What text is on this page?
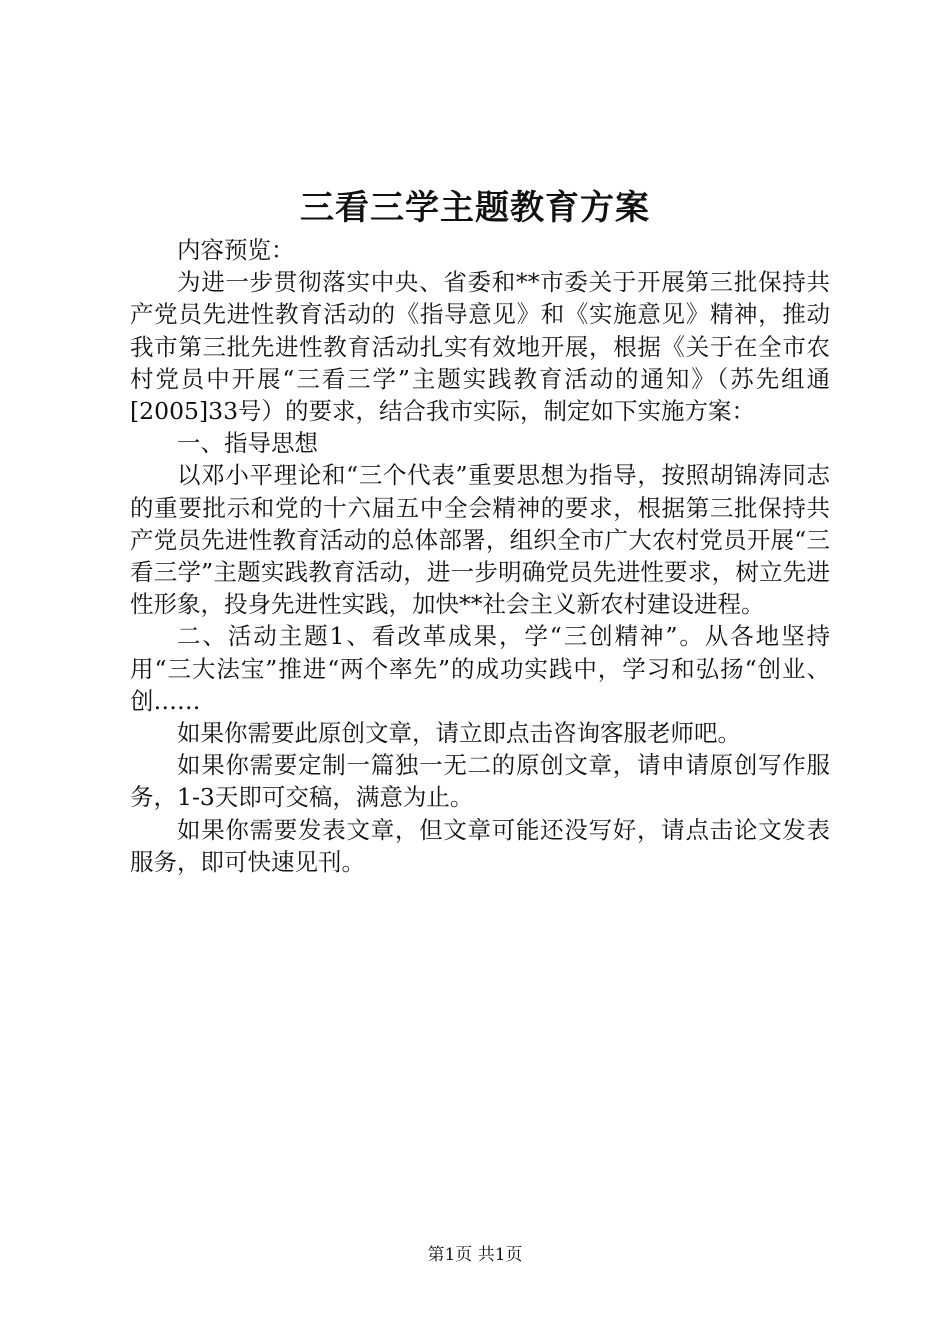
三看三学主题教育方案

内容预览：

为进一步贯彻落实中央、省委和**市委关于开展第三批保持共产党员先进性教育活动的《指导意见》和《实施意见》精神，推动我市第三批先进性教育活动扎实有效地开展，根据《关于在全市农村党员中开展“三看三学”主题实践教育活动的通知》（苏先组通[2005]33号）的要求，结合我市实际，制定如下实施方案：

一、指导思想

以邓小平理论和“三个代表”重要思想为指导，按照胡锦涛同志的重要批示和党的十六届五中全会精神的要求，根据第三批保持共产党员先进性教育活动的总体部署，组织全市广大农村党员开展“三看三学”主题实践教育活动，进一步明确党员先进性要求，树立先进性形象，投身先进性实践，加快**社会主义新农村建设进程。

二、活动主题1、看改革成果，学“三创精神”。从各地坚持用“三大法宝”推进“两个率先”的成功实践中，学习和弘扬“创业、创……

如果你需要此原创文章，请立即点击咨询客服老师吧。

如果你需要定制一篇独一无二的原创文章，请申请原创写作服务，1-3天即可交稿，满意为止。

如果你需要发表文章，但文章可能还没写好，请点击论文发表服务，即可快速见刊。

第1页 共1页
